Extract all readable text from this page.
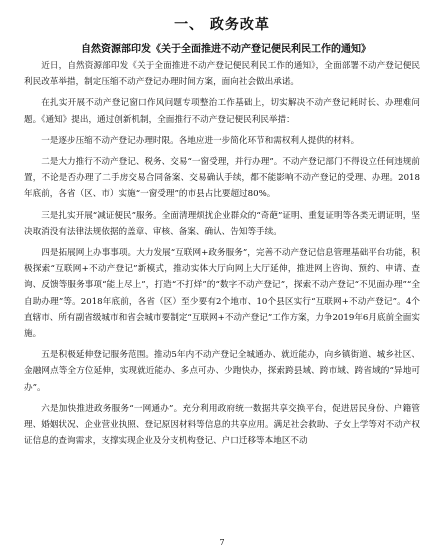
一、 政务改革
自然资源部印发《关于全面推进不动产登记便民利民工作的通知》

近日，自然资源部印发《关于全面推进不动产登记便民利民工作的通知》，全面部署不动产登记便民利民改革举措，制定压缩不动产登记办理时间方案，面向社会做出承诺。

在扎实开展不动产登记窗口作风问题专项整治工作基础上，切实解决不动产登记耗时长、办理难问题。《通知》提出，通过创新机制，全面推行不动产登记便民利民举措：

一是逐步压缩不动产登记办理时限。各地应进一步简化环节和需权利人提供的材料。

二是大力推行不动产登记、税务、交易“一窗受理，并行办理”。不动产登记部门不得设立任何违规前置，不论是否办理了二手房交易合同备案、交易确认手续，都不能影响不动产登记的受理、办理。2018年底前，各省（区、市）实施“一窗受理”的市县占比要超过80%。

三是扎实开展“减证便民”服务。全面清理烦扰企业群众的“奇葩”证明、重复证明等各类无谓证明，坚决取消没有法律法规依据的盖章、审核、备案、确认、告知等手续。

四是拓展网上办事事项。大力发展“互联网+政务服务”，完善不动产登记信息管理基础平台功能，积极探索“互联网+不动产登记”新模式，推动实体大厅向网上大厅延伸，推进网上咨询、预约、申请、查询、反馈等服务事项“能上尽上”，打造“不打烊”的“数字不动产登记”，探索不动产登记“不见面办理”“全自助办理”等。2018年底前，各省（区）至少要有2个地市、10个县区实行“互联网+不动产登记”。4个直辖市、所有副省级城市和省会城市要制定“互联网+不动产登记”工作方案，力争2019年6月底前全面实施。

五是积极延伸登记服务范围。推动5年内不动产登记全城通办、就近能办，向乡镇街道、城乡社区、金融网点等全方位延伸，实现就近能办、多点可办、少跑快办，探索跨县域、跨市域、跨省域的“异地可办”。

六是加快推进政务服务“一网通办”。充分利用政府统一数据共享交换平台，促进居民身份、户籍管理、婚姻状况、企业营业执照、登记原因材料等信息的共享应用。满足社会救助、子女上学等对不动产权证信息的查询需求，支撑实现企业及分支机构登记、户口迁移等本地区不动

7
